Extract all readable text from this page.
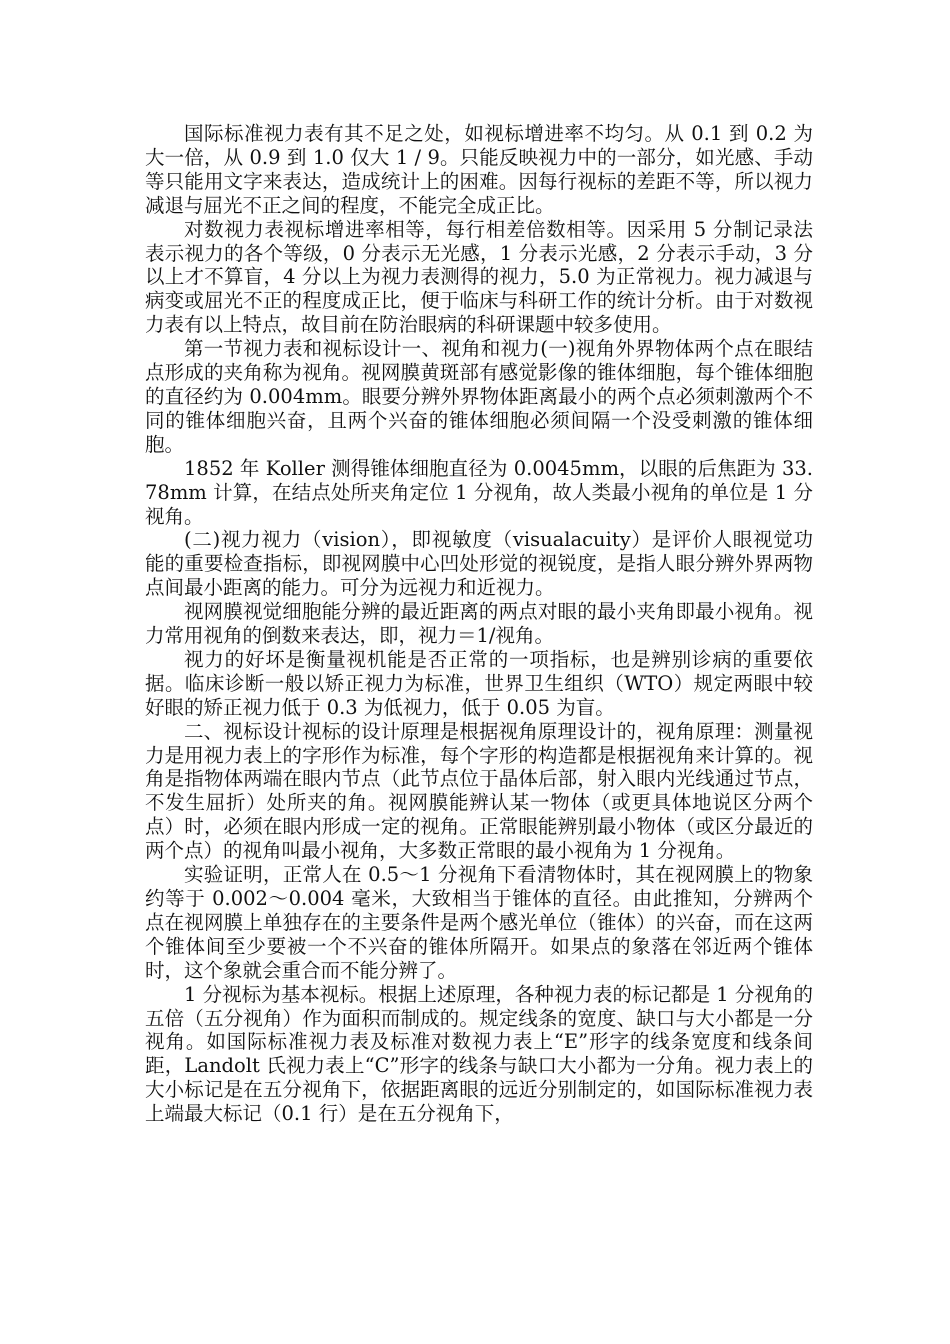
国际标准视力表有其不足之处，如视标增进率不均匀。从 0.1 到 0.2 为大一倍，从 0.9 到 1.0 仅大 1 / 9。只能反映视力中的一部分，如光感、手动等只能用文字来表达，造成统计上的困难。因每行视标的差距不等，所以视力减退与屈光不正之间的程度，不能完全成正比。

对数视力表视标增进率相等，每行相差倍数相等。因采用 5 分制记录法表示视力的各个等级，0 分表示无光感，1 分表示光感，2 分表示手动，3 分以上才不算盲，4 分以上为视力表测得的视力，5.0 为正常视力。视力减退与病变或屈光不正的程度成正比，便于临床与科研工作的统计分析。由于对数视力表有以上特点，故目前在防治眼病的科研课题中较多使用。

第一节视力表和视标设计一、视角和视力(一)视角外界物体两个点在眼结点形成的夹角称为视角。视网膜黄斑部有感觉影像的锥体细胞，每个锥体细胞的直径约为 0.004mm。眼要分辨外界物体距离最小的两个点必须刺激两个不同的锥体细胞兴奋，且两个兴奋的锥体细胞必须间隔一个没受刺激的锥体细胞。

1852 年 Koller 测得锥体细胞直径为 0.0045mm，以眼的后焦距为 33.78mm 计算，在结点处所夹角定位 1 分视角，故人类最小视角的单位是 1 分视角。

(二)视力视力（vision），即视敏度（visualacuity）是评价人眼视觉功能的重要检查指标，即视网膜中心凹处形觉的视锐度，是指人眼分辨外界两物点间最小距离的能力。可分为远视力和近视力。

视网膜视觉细胞能分辨的最近距离的两点对眼的最小夹角即最小视角。视力常用视角的倒数来表达，即，视力＝1/视角。

视力的好坏是衡量视机能是否正常的一项指标，也是辨别诊病的重要依据。临床诊断一般以矫正视力为标准，世界卫生组织（WTO）规定两眼中较好眼的矫正视力低于 0.3 为低视力，低于 0.05 为盲。

二、视标设计视标的设计原理是根据视角原理设计的，视角原理：测量视力是用视力表上的字形作为标准，每个字形的构造都是根据视角来计算的。视角是指物体两端在眼内节点（此节点位于晶体后部，射入眼内光线通过节点，不发生屈折）处所夹的角。视网膜能辨认某一物体（或更具体地说区分两个点）时，必须在眼内形成一定的视角。正常眼能辨别最小物体（或区分最近的两个点）的视角叫最小视角，大多数正常眼的最小视角为 1 分视角。

实验证明，正常人在 0.5～1 分视角下看清物体时，其在视网膜上的物象约等于 0.002～0.004 毫米，大致相当于锥体的直径。由此推知，分辨两个点在视网膜上单独存在的主要条件是两个感光单位（锥体）的兴奋，而在这两个锥体间至少要被一个不兴奋的锥体所隔开。如果点的象落在邻近两个锥体时，这个象就会重合而不能分辨了。

1 分视标为基本视标。根据上述原理，各种视力表的标记都是 1 分视角的五倍（五分视角）作为面积而制成的。规定线条的宽度、缺口与大小都是一分视角。如国际标准视力表及标准对数视力表上“E”形字的线条宽度和线条间距，Landolt 氏视力表上“C”形字的线条与缺口大小都为一分角。视力表上的大小标记是在五分视角下，依据距离眼的远近分别制定的，如国际标准视力表上端最大标记（0.1 行）是在五分视角下，
